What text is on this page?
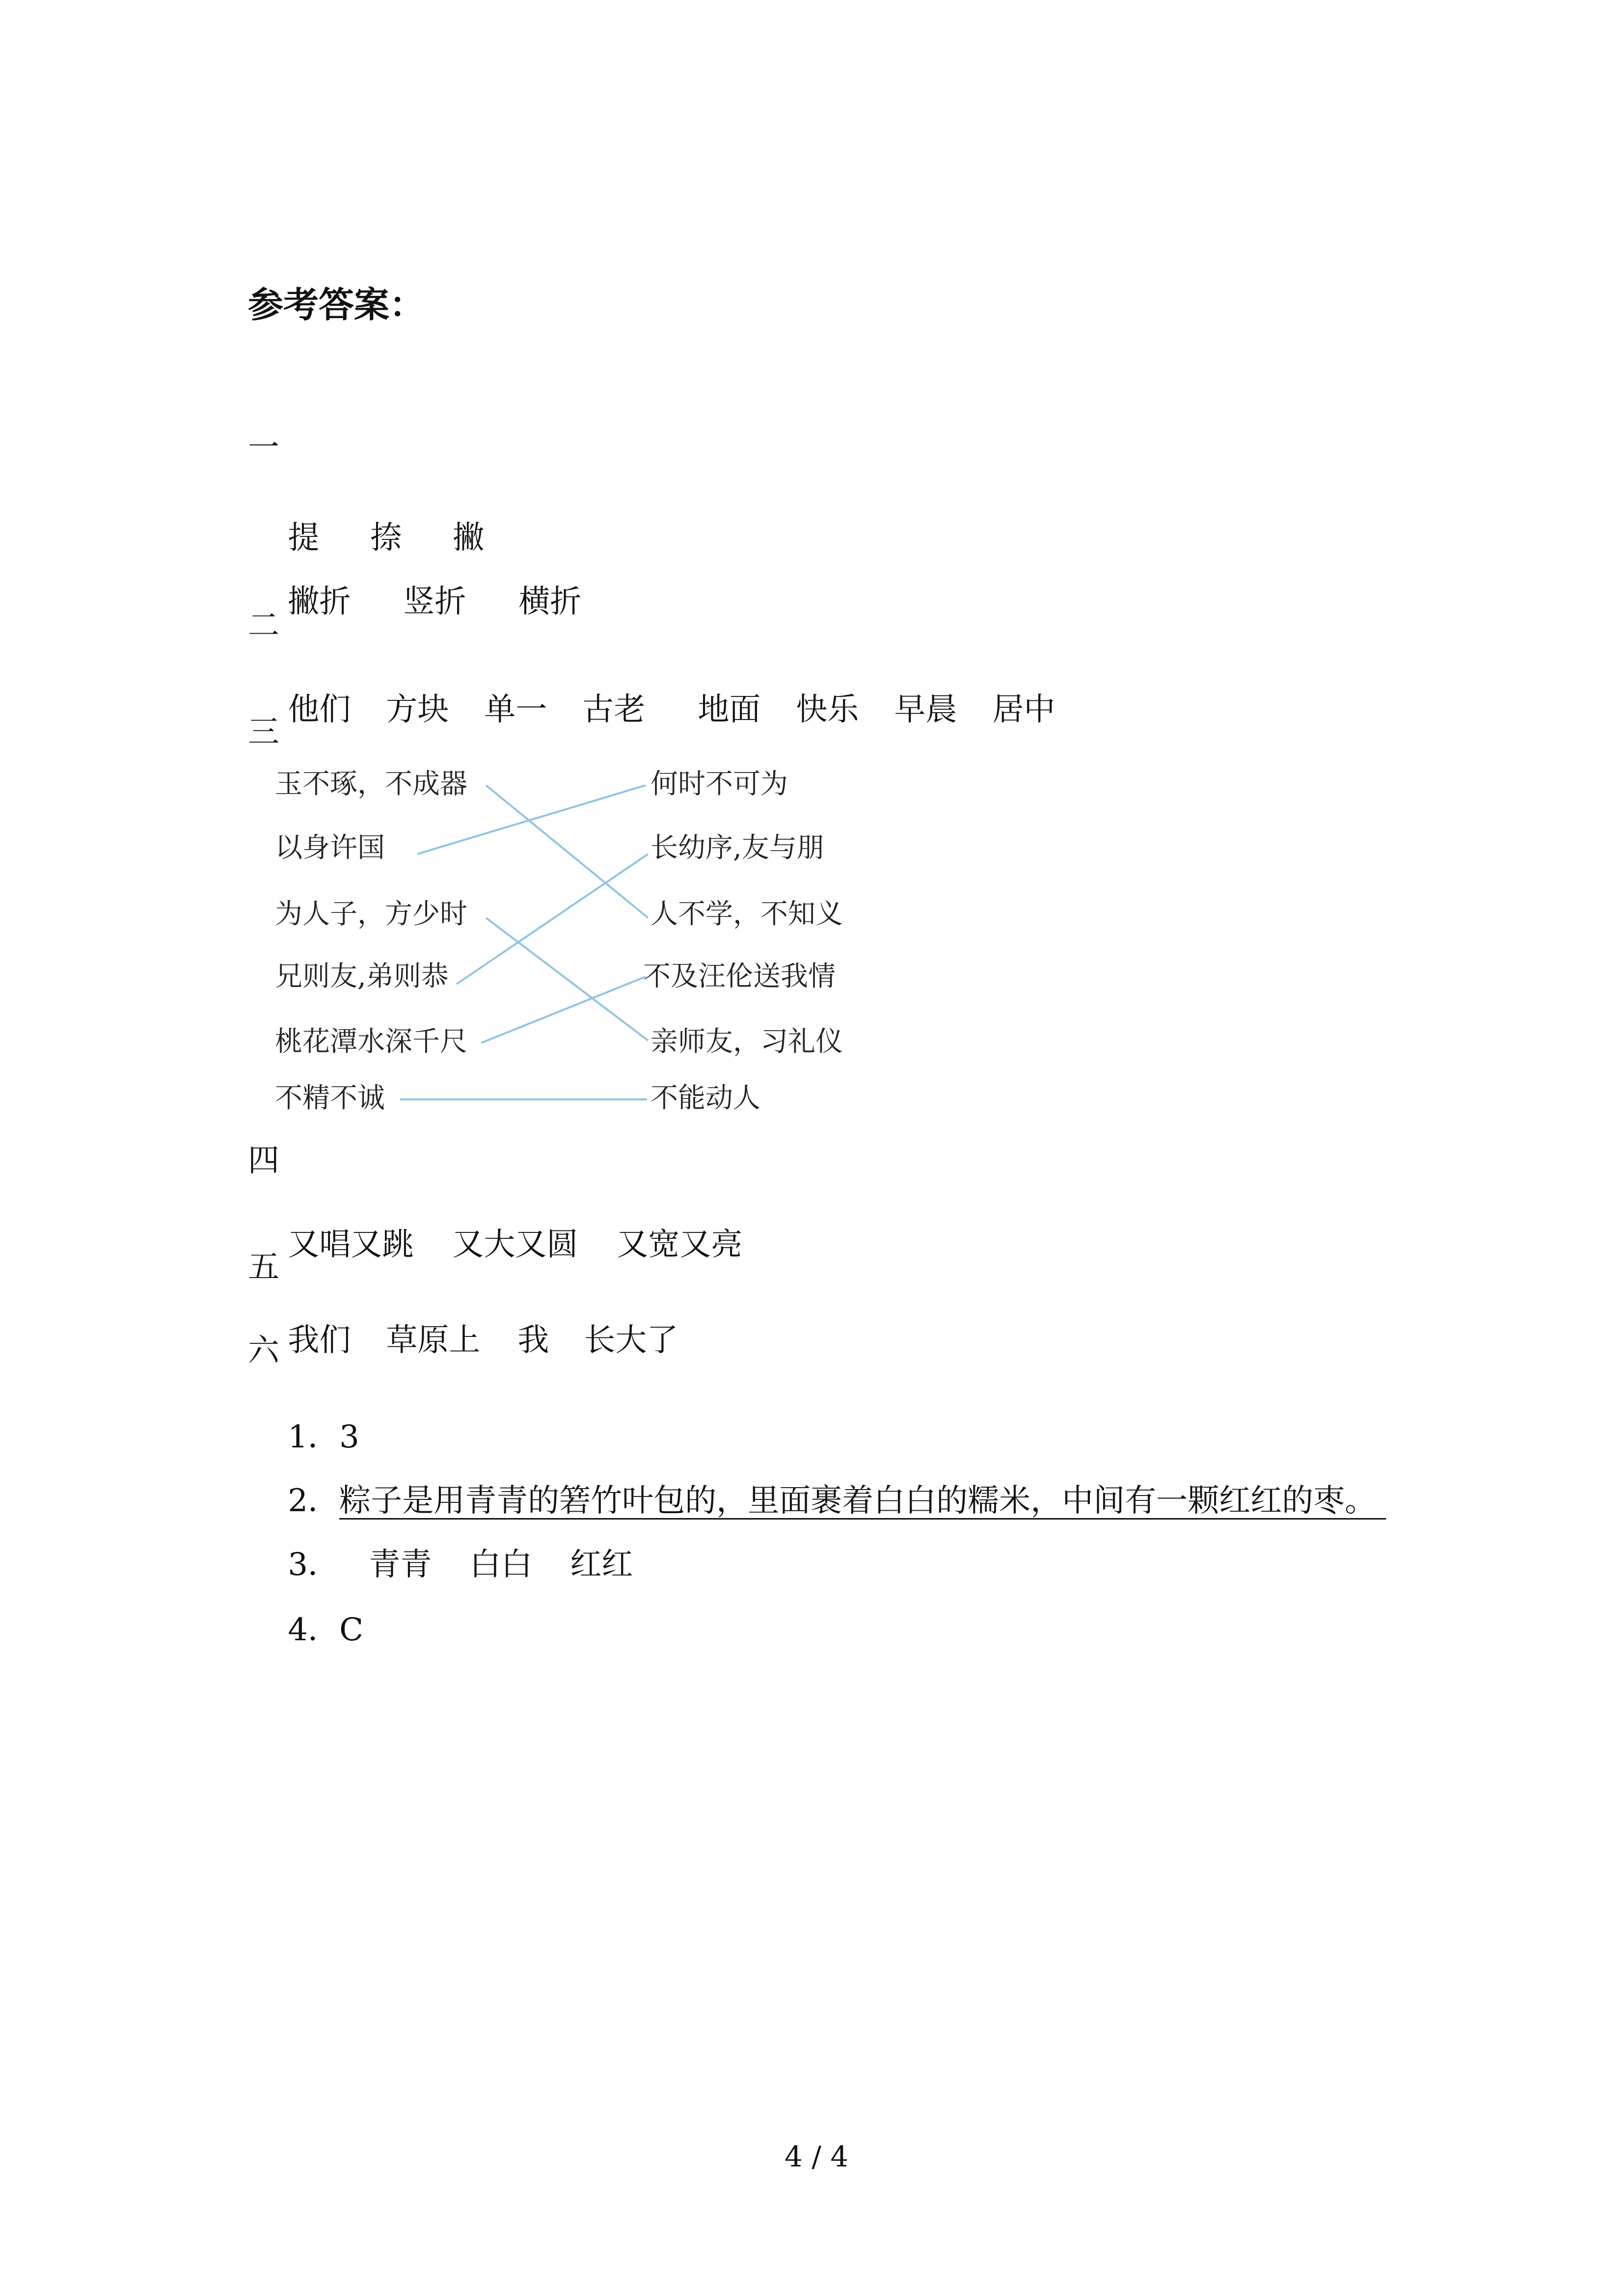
参考答案：
一

提 捺 撇

撇折 竖折 横折

二

他们 方块 单一 古老 地面 快乐 早晨 居中

三
玉不琢，不成器
以身许国
为人子，方少时
兄则友,弟则恭
桃花潭水深千尺
不精不诚
何时不可为
长幼序,友与朋
人不学，不知义
不及汪伦送我情
亲师友，习礼仪
不能动人
四

又唱又跳 又大又圆 又宽又亮

五

我们 草原上 我 长大了

六

1．3

2．粽子是用青青的箬竹叶包的，里面裹着白白的糯米，中间有一颗红红的枣。

3． 青青 白白 红红

4．C

4 / 4
